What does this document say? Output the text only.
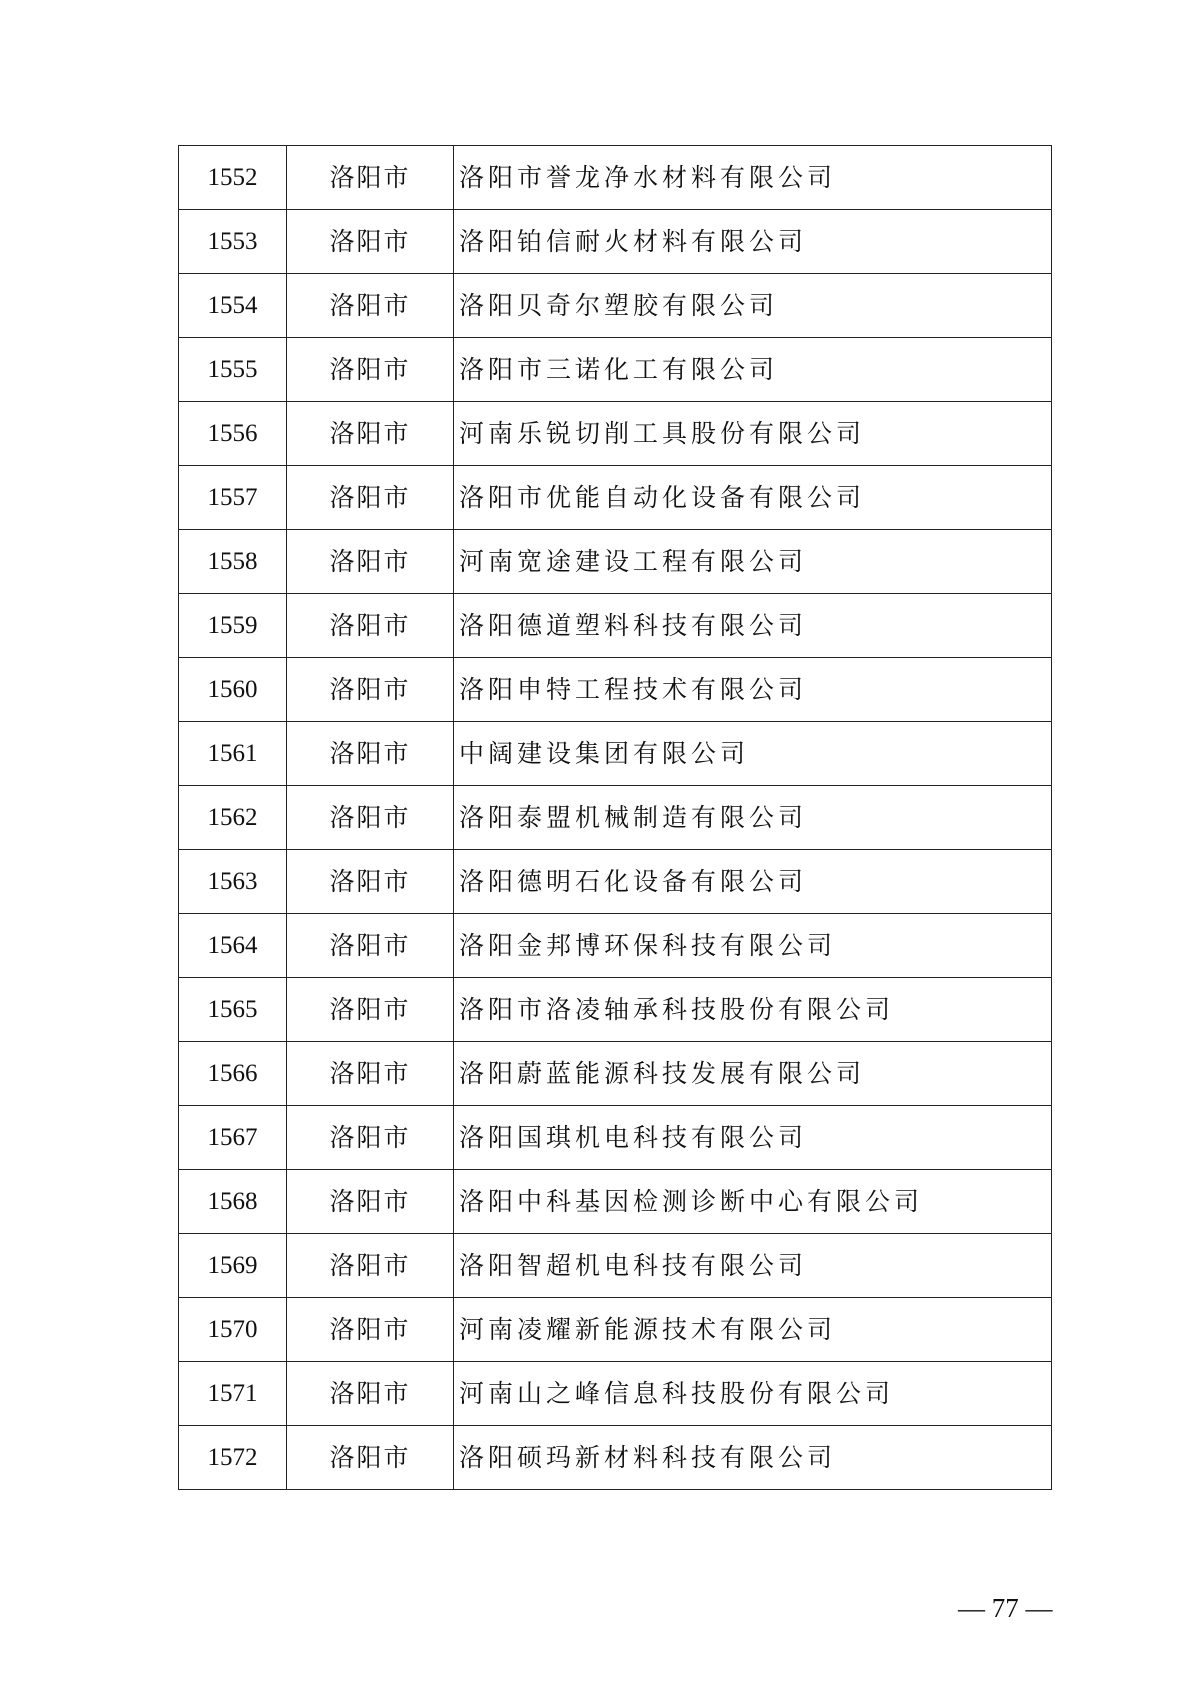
1552	洛阳市	洛阳市誉龙净水材料有限公司
1553	洛阳市	洛阳铂信耐火材料有限公司
1554	洛阳市	洛阳贝奇尔塑胶有限公司
1555	洛阳市	洛阳市三诺化工有限公司
1556	洛阳市	河南乐锐切削工具股份有限公司
1557	洛阳市	洛阳市优能自动化设备有限公司
1558	洛阳市	河南宽途建设工程有限公司
1559	洛阳市	洛阳德道塑料科技有限公司
1560	洛阳市	洛阳申特工程技术有限公司
1561	洛阳市	中阔建设集团有限公司
1562	洛阳市	洛阳泰盟机械制造有限公司
1563	洛阳市	洛阳德明石化设备有限公司
1564	洛阳市	洛阳金邦博环保科技有限公司
1565	洛阳市	洛阳市洛凌轴承科技股份有限公司
1566	洛阳市	洛阳蔚蓝能源科技发展有限公司
1567	洛阳市	洛阳国琪机电科技有限公司
1568	洛阳市	洛阳中科基因检测诊断中心有限公司
1569	洛阳市	洛阳智超机电科技有限公司
1570	洛阳市	河南凌耀新能源技术有限公司
1571	洛阳市	河南山之峰信息科技股份有限公司
1572	洛阳市	洛阳硕玛新材料科技有限公司
— 77 —
